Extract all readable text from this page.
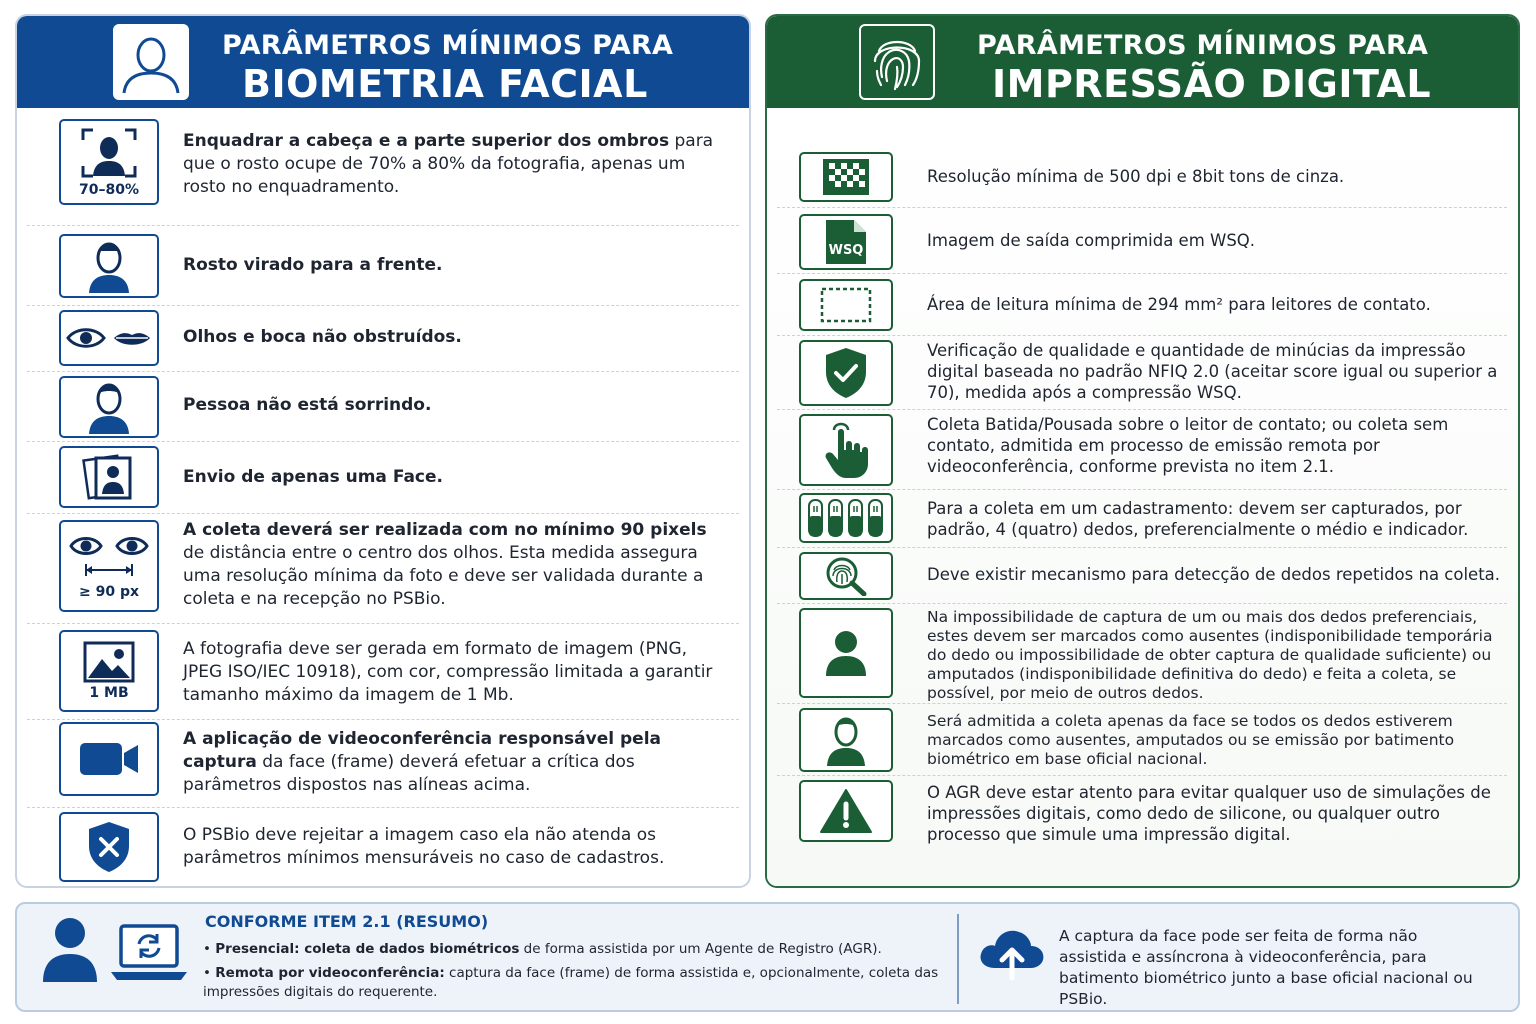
PARÂMETROS MÍNIMOS PARA
BIOMETRIA FACIAL
70–80%
Enquadrar a cabeça e a parte superior dos ombros para que o rosto ocupe de 70% a 80% da fotografia, apenas um rosto no enquadramento.
Rosto virado para a frente.
Olhos e boca não obstruídos.
Pessoa não está sorrindo.
Envio de apenas uma Face.
≥ 90 px
A coleta deverá ser realizada com no mínimo 90 pixels de distância entre o centro dos olhos. Esta medida assegura uma resolução mínima da foto e deve ser validada durante a coleta e na recepção no PSBio.
1 MB
A fotografia deve ser gerada em formato de imagem (PNG, JPEG ISO/IEC 10918), com cor, compressão limitada a garantir tamanho máximo da imagem de 1 Mb.
A aplicação de videoconferência responsável pela captura da face (frame) deverá efetuar a crítica dos parâmetros dispostos nas alíneas acima.
O PSBio deve rejeitar a imagem caso ela não atenda os parâmetros mínimos mensuráveis no caso de cadastros.
PARÂMETROS MÍNIMOS PARA
IMPRESSÃO DIGITAL
Resolução mínima de 500 dpi e 8bit tons de cinza.
WSQ
Imagem de saída comprimida em WSQ.
Área de leitura mínima de 294 mm² para leitores de contato.
Verificação de qualidade e quantidade de minúcias da impressão digital baseada no padrão NFIQ 2.0 (aceitar score igual ou superior a 70), medida após a compressão WSQ.
Coleta Batida/Pousada sobre o leitor de contato; ou coleta sem contato, admitida em processo de emissão remota por videoconferência, conforme prevista no item 2.1.
Para a coleta em um cadastramento: devem ser capturados, por padrão, 4 (quatro) dedos, preferencialmente o médio e indicador.
Deve existir mecanismo para detecção de dedos repetidos na coleta.
Na impossibilidade de captura de um ou mais dos dedos preferenciais, estes devem ser marcados como ausentes (indisponibilidade temporária do dedo ou impossibilidade de obter captura de qualidade suficiente) ou amputados (indisponibilidade definitiva do dedo) e feita a coleta, se possível, por meio de outros dedos.
Será admitida a coleta apenas da face se todos os dedos estiverem marcados como ausentes, amputados ou se emissão por batimento biométrico em base oficial nacional.
O AGR deve estar atento para evitar qualquer uso de simulações de impressões digitais, como dedo de silicone, ou qualquer outro processo que simule uma impressão digital.
CONFORME ITEM 2.1 (RESUMO)
• Presencial: coleta de dados biométricos de forma assistida por um Agente de Registro (AGR).
• Remota por videoconferência: captura da face (frame) de forma assistida e, opcionalmente, coleta das impressões digitais do requerente.
A captura da face pode ser feita de forma não assistida e assíncrona à videoconferência, para batimento biométrico junto a base oficial nacional ou PSBio.
